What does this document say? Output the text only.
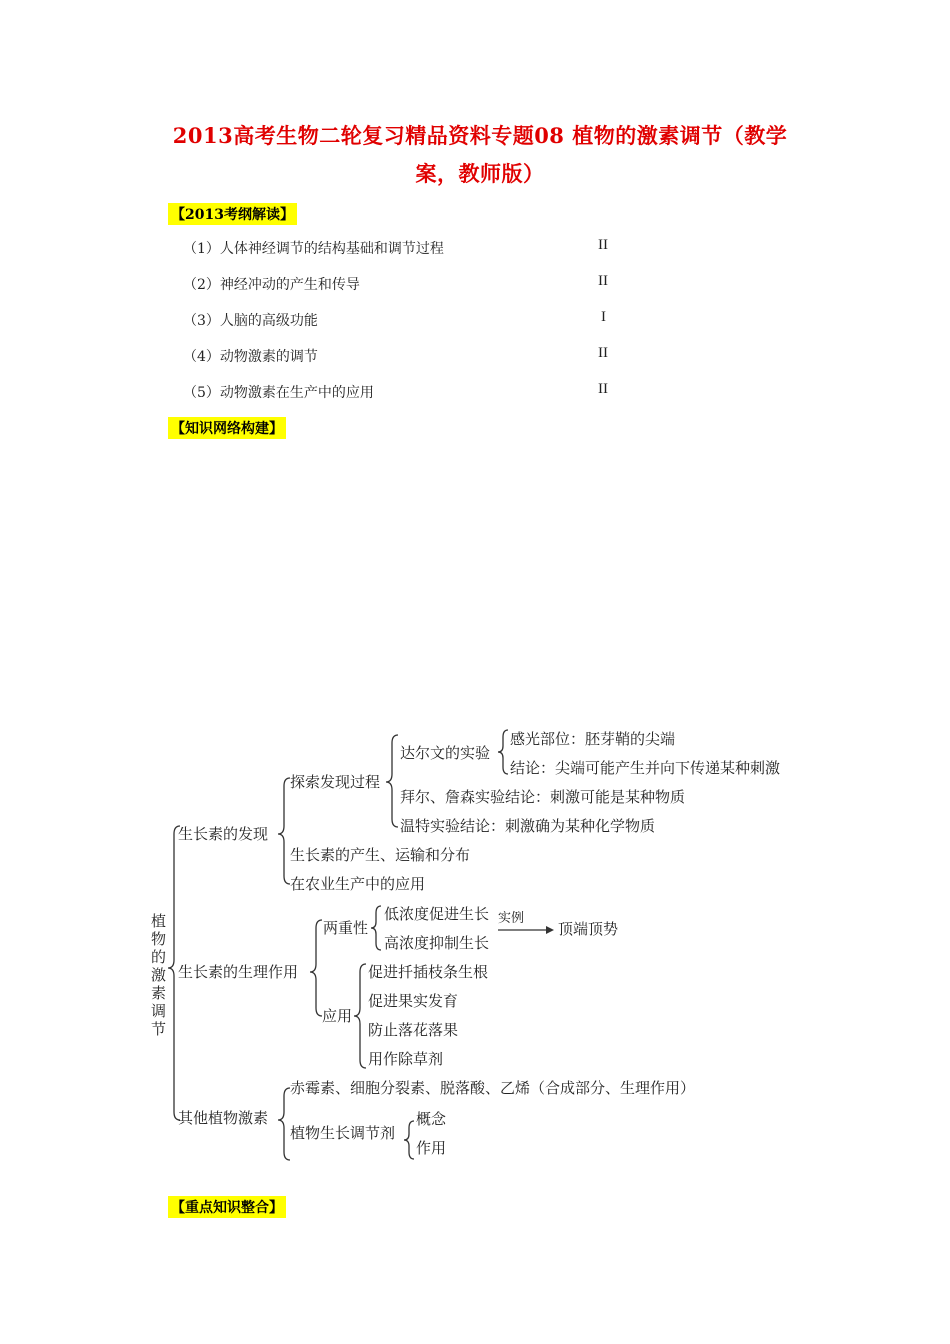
2013高考生物二轮复习精品资料专题08 植物的激素调节（教学
案，教师版）
【2013考纲解读】
（1）人体神经调节的结构基础和调节过程	II
（2）神经冲动的产生和传导	II
（3）人脑的高级功能	I
（4）动物激素的调节	II
（5）动物激素在生产中的应用	II
【知识网络构建】
植物的激素调节
生长素的发现
探索发现过程
达尔文的实验
感光部位：胚芽鞘的尖端
结论：尖端可能产生并向下传递某种刺激
拜尔、詹森实验结论：刺激可能是某种物质
温特实验结论：刺激确为某种化学物质
生长素的产生、运输和分布
在农业生产中的应用
生长素的生理作用
两重性
低浓度促进生长 实例
高浓度抑制生长
顶端顶势
应用
促进扦插枝条生根
促进果实发育
防止落花落果
用作除草剂
其他植物激素
赤霉素、细胞分裂素、脱落酸、乙烯（合成部分、生理作用）
植物生长调节剂
概念
作用
【重点知识整合】
